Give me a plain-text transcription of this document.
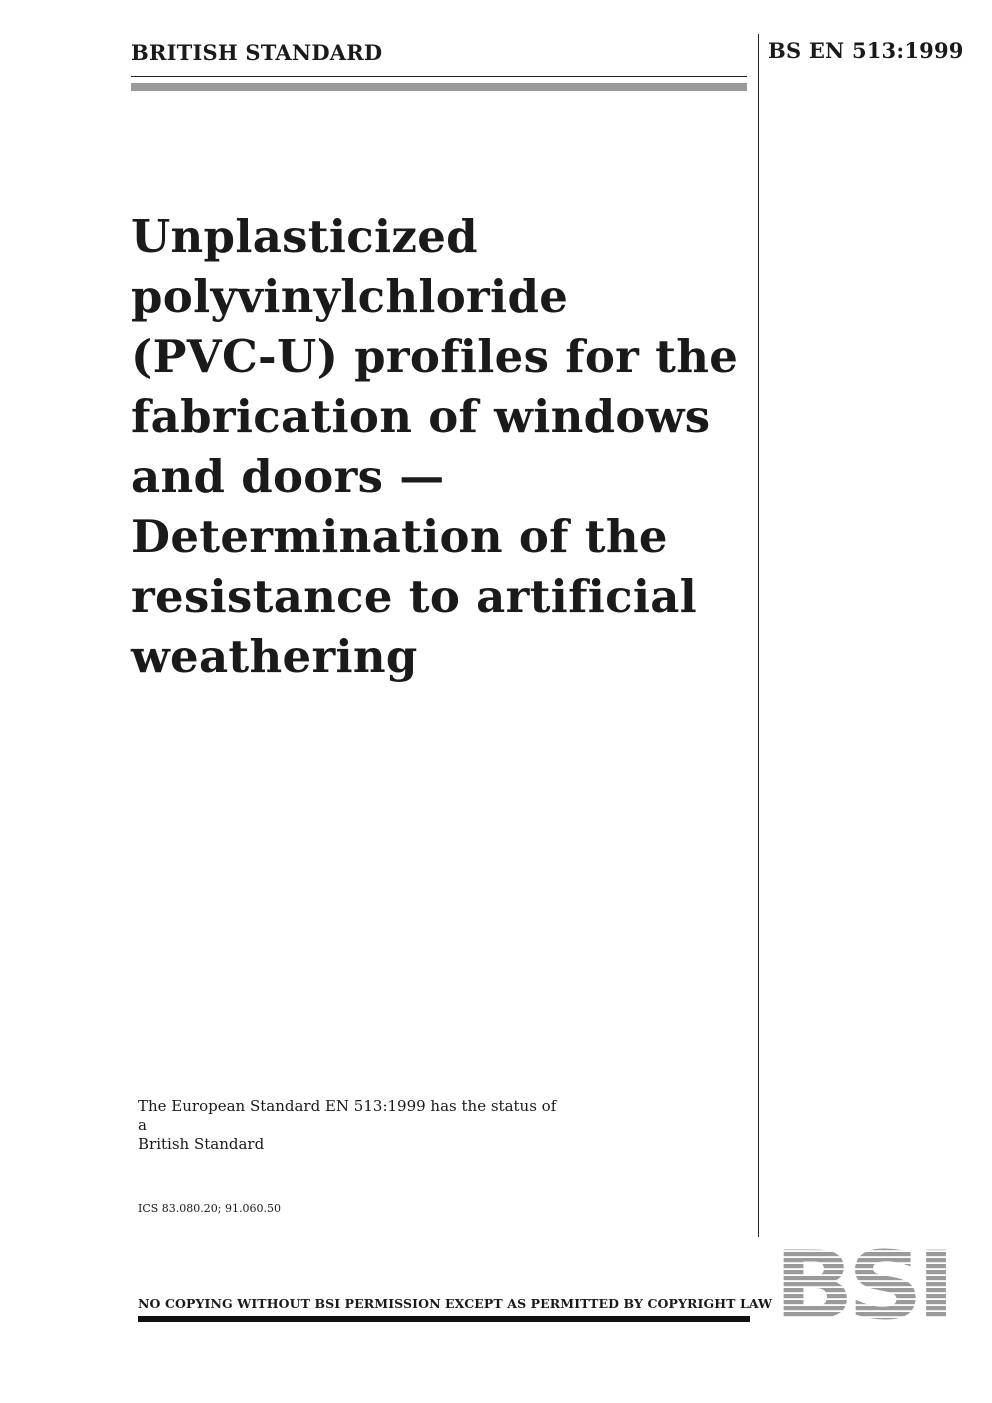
BRITISH STANDARD	BS EN 513:1999
Unplasticized
polyvinylchloride
(PVC-U) profiles for the
fabrication of windows
and doors —
Determination of the
resistance to artificial
weathering
The European Standard EN 513:1999 has the status of a
British Standard
ICS 83.080.20; 91.060.50
NO COPYING WITHOUT BSI PERMISSION EXCEPT AS PERMITTED BY COPYRIGHT LAW BSI
